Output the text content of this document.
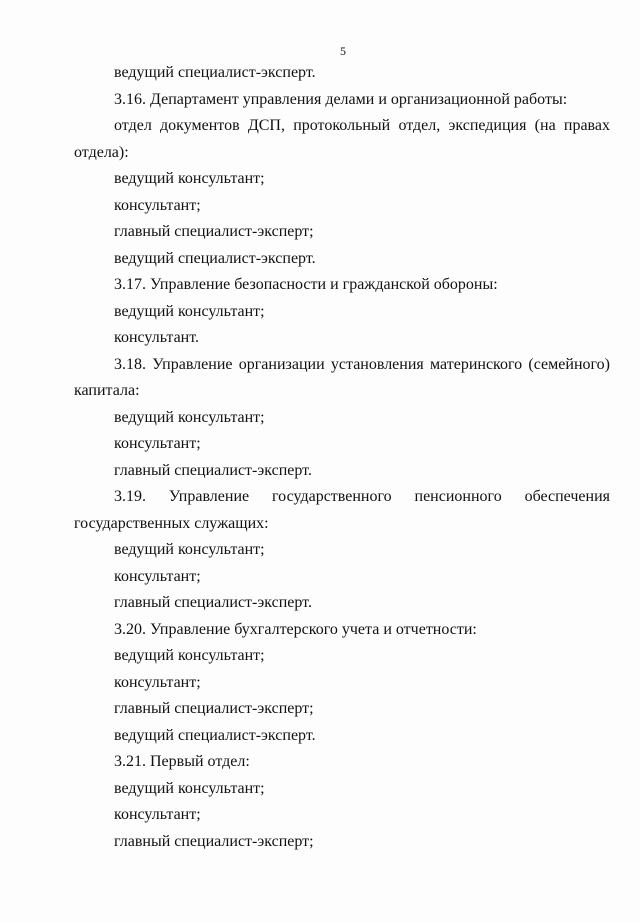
5
ведущий специалист-эксперт.
3.16. Департамент управления делами и организационной работы:
отдел документов ДСП, протокольный отдел, экспедиция (на правах
отдела):
ведущий консультант;
консультант;
главный специалист-эксперт;
ведущий специалист-эксперт.
3.17. Управление безопасности и гражданской обороны:
ведущий консультант;
консультант.
3.18. Управление организации установления материнского (семейного)
капитала:
ведущий консультант;
консультант;
главный специалист-эксперт.
3.19. Управление государственного пенсионного обеспечения
государственных служащих:
ведущий консультант;
консультант;
главный специалист-эксперт.
3.20. Управление бухгалтерского учета и отчетности:
ведущий консультант;
консультант;
главный специалист-эксперт;
ведущий специалист-эксперт.
3.21. Первый отдел:
ведущий консультант;
консультант;
главный специалист-эксперт;
